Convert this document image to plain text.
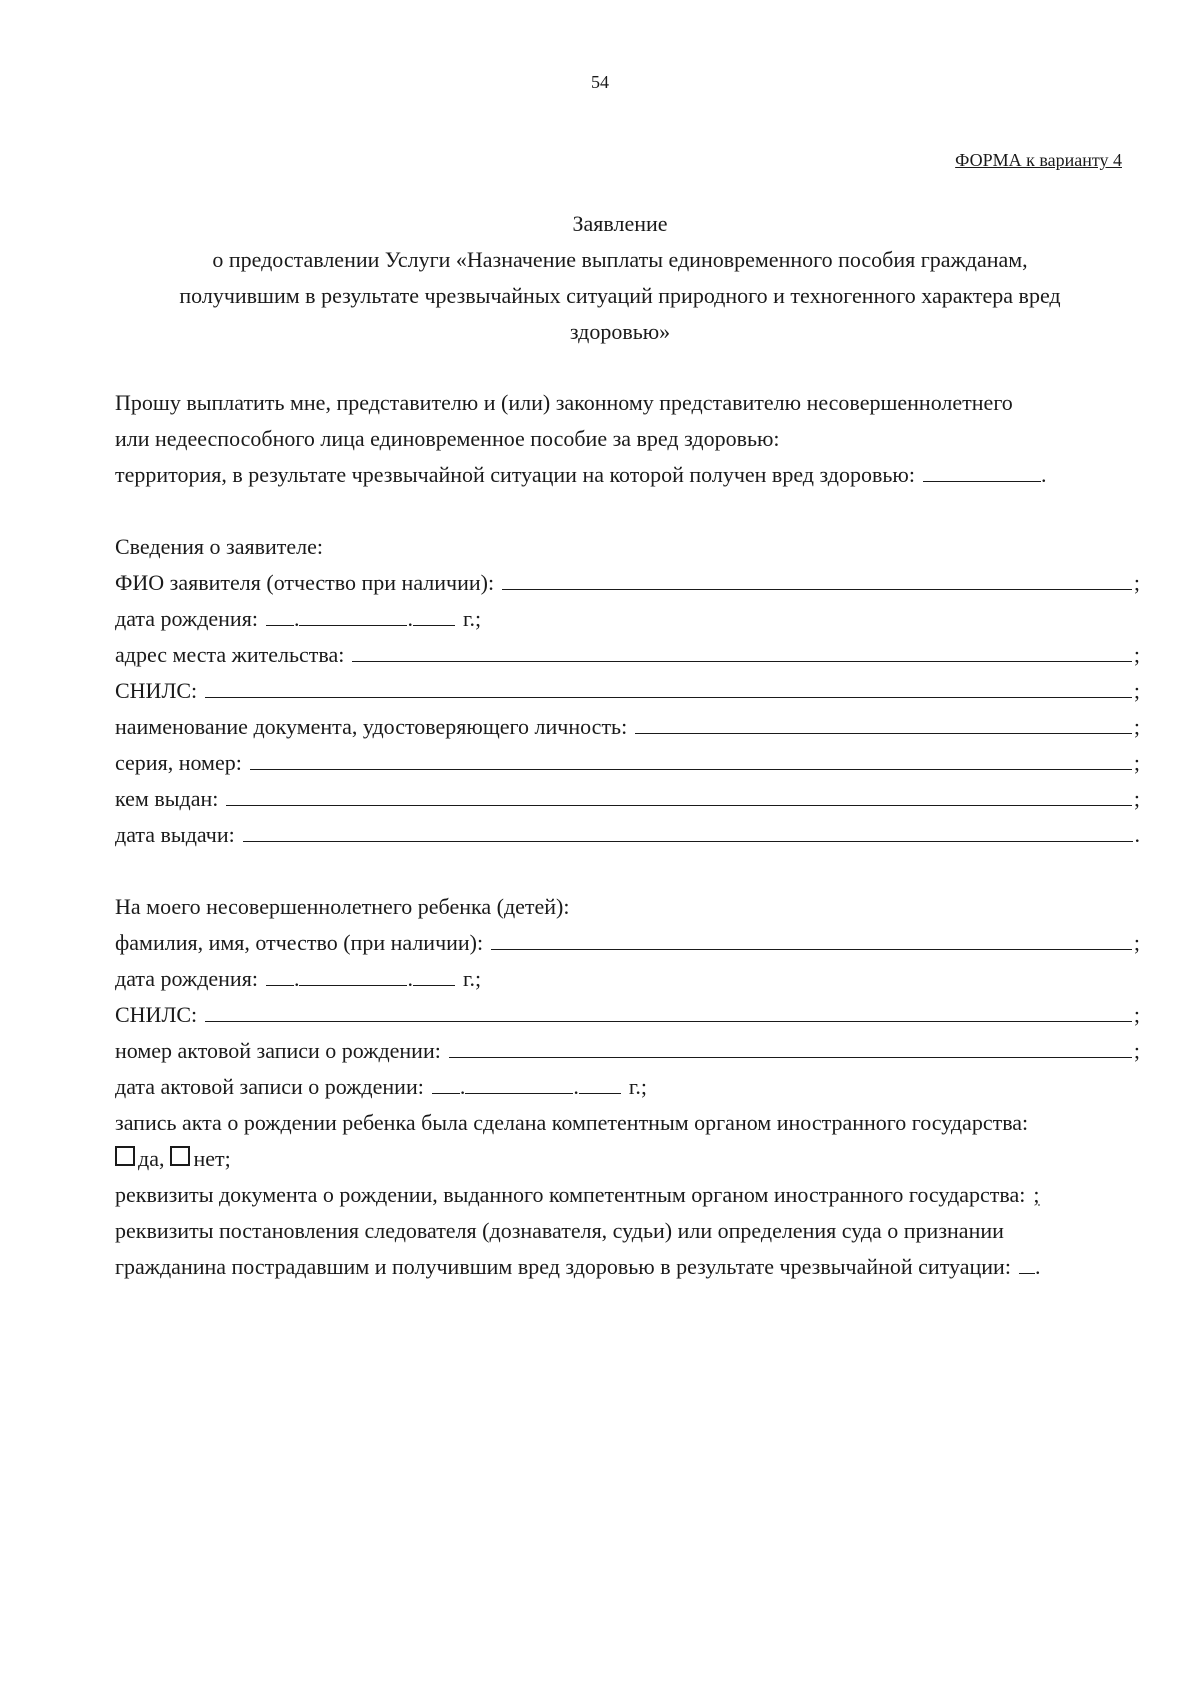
54
ФОРМА к варианту 4
Заявление
о предоставлении Услуги «Назначение выплаты единовременного пособия гражданам,
получившим в результате чрезвычайных ситуаций природного и техногенного характера вред
здоровью»
Прошу выплатить мне, представителю и (или) законному представителю несовершеннолетнего
или недееспособного лица единовременное пособие за вред здоровью:
территория, в результате чрезвычайной ситуации на которой получен вред здоровью:	.
Сведения о заявителе:
ФИО заявителя (отчество при наличии):	;
дата рождения: .	. г.;
адрес места жительства:	;
СНИЛС:	;
наименование документа, удостоверяющего личность:	;
серия, номер:	;
кем выдан:	;
дата выдачи:	.
На моего несовершеннолетнего ребенка (детей):
фамилия, имя, отчество (при наличии):	;
дата рождения: .	. г.;
СНИЛС:	;
номер актовой записи о рождении:	;
дата актовой записи о рождении: .	. г.;
запись акта о рождении ребенка была сделана компетентным органом иностранного государства:
да, нет;
реквизиты документа о рождении, выданного компетентным органом иностранного государства: ;
реквизиты постановления следователя (дознавателя, судьи) или определения суда о признании
гражданина пострадавшим и получившим вред здоровью в результате чрезвычайной ситуации: .
